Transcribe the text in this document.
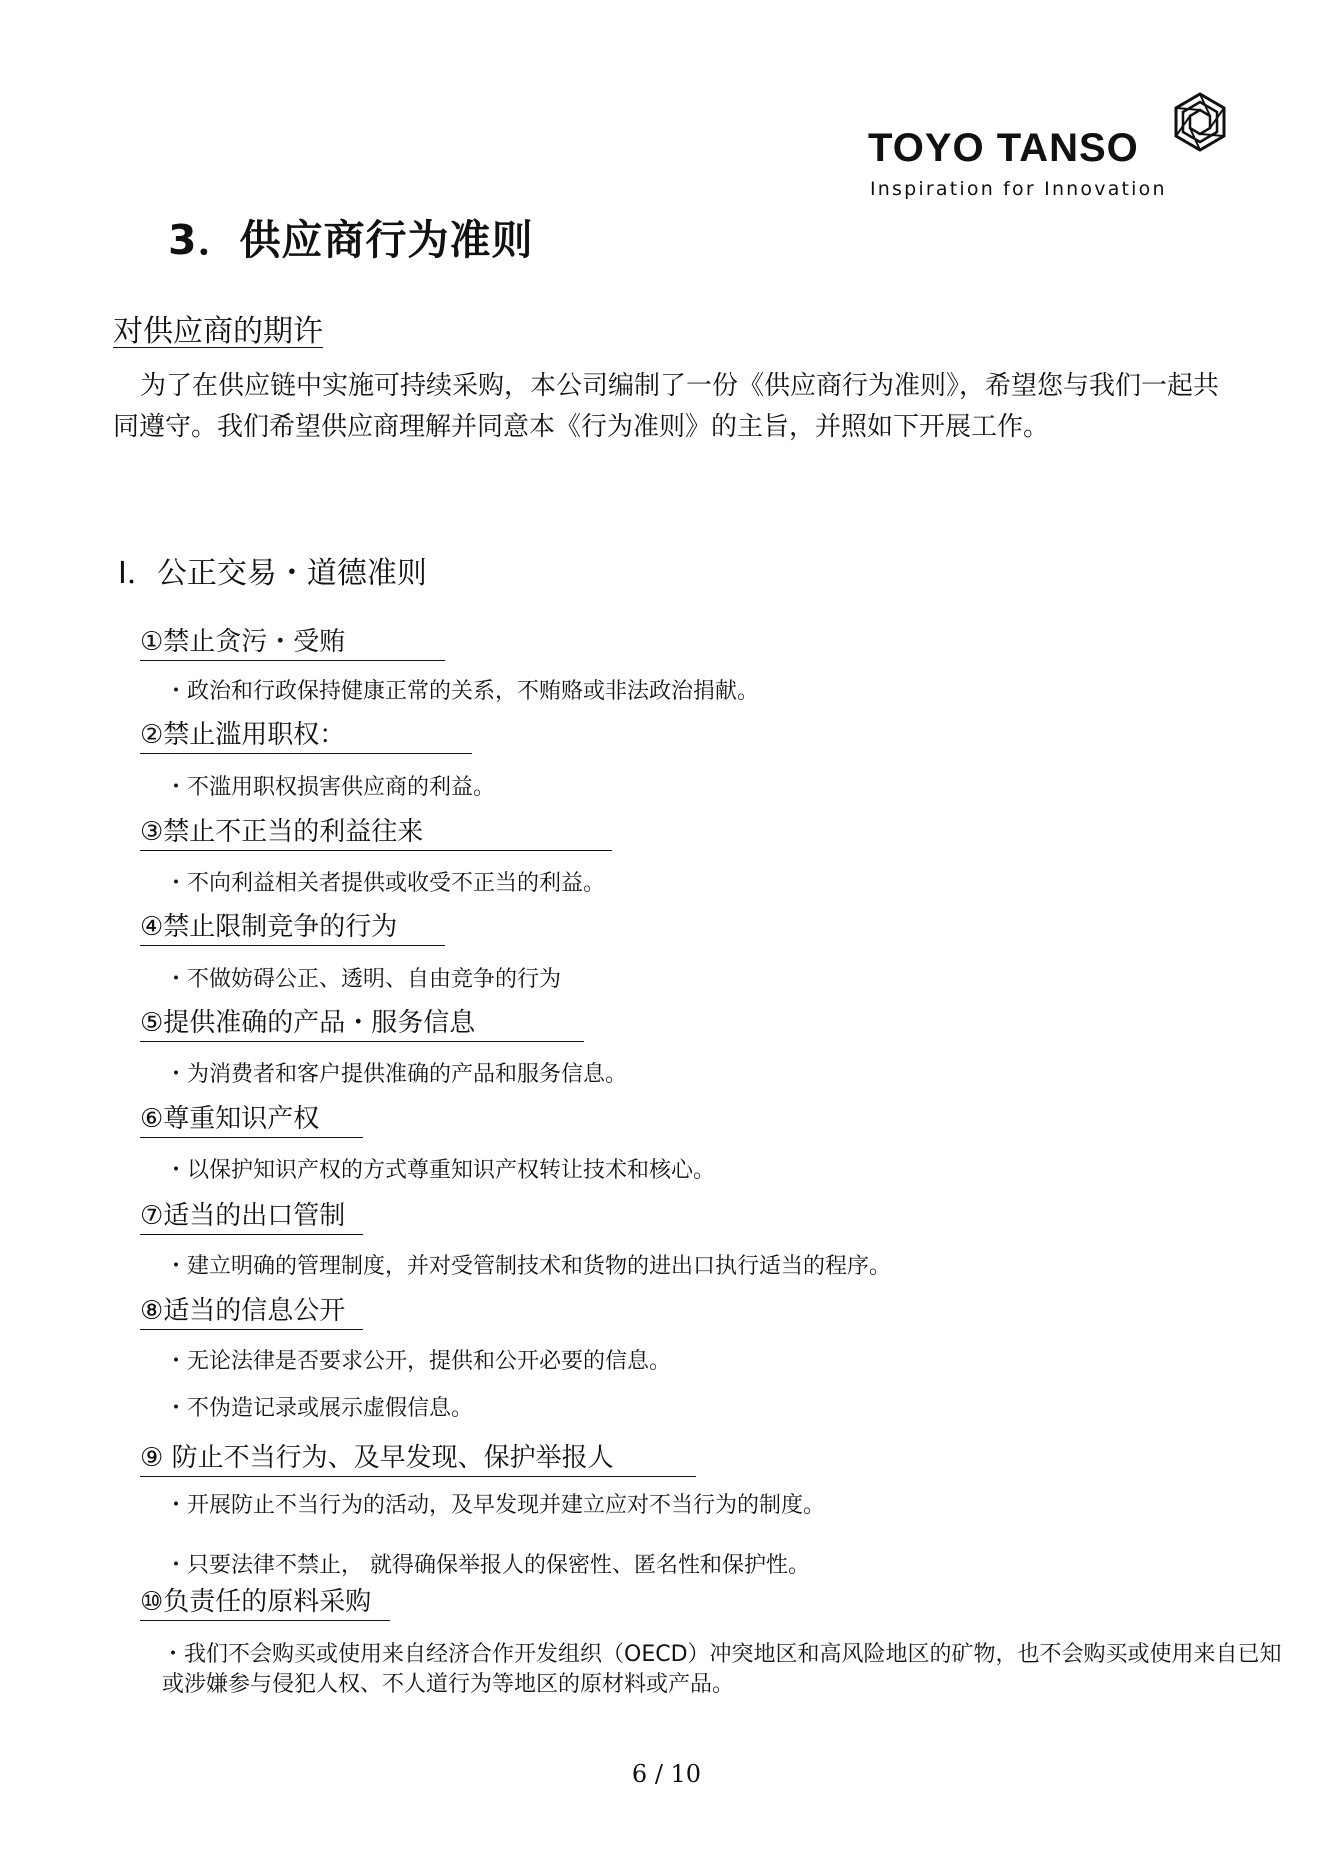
TOYO TANSO
Inspiration for Innovation
3．供应商行为准则
对供应商的期许
为了在供应链中实施可持续采购，本公司编制了一份《供应商行为准则》，希望您与我们一起共同遵守。我们希望供应商理解并同意本《行为准则》的主旨，并照如下开展工作。
Ⅰ．公正交易・道德准则
①禁止贪污・受贿
・政治和行政保持健康正常的关系，不贿赂或非法政治捐献。
②禁止滥用职权：
・不滥用职权损害供应商的利益。
③禁止不正当的利益往来
・不向利益相关者提供或收受不正当的利益。
④禁止限制竞争的行为
・不做妨碍公正、透明、自由竞争的行为
⑤提供准确的产品・服务信息
・为消费者和客户提供准确的产品和服务信息。
⑥尊重知识产权
・以保护知识产权的方式尊重知识产权转让技术和核心。
⑦适当的出口管制
・建立明确的管理制度，并对受管制技术和货物的进出口执行适当的程序。
⑧适当的信息公开
・无论法律是否要求公开，提供和公开必要的信息。
・不伪造记录或展示虚假信息。
⑨ 防止不当行为、及早发现、保护举报人
・开展防止不当行为的活动，及早发现并建立应对不当行为的制度。
・只要法律不禁止， 就得确保举报人的保密性、匿名性和保护性。
⑩负责任的原料采购
・我们不会购买或使用来自经济合作开发组织（OECD）冲突地区和高风险地区的矿物，也不会购买或使用来自已知或涉嫌参与侵犯人权、不人道行为等地区的原材料或产品。
6 / 10
